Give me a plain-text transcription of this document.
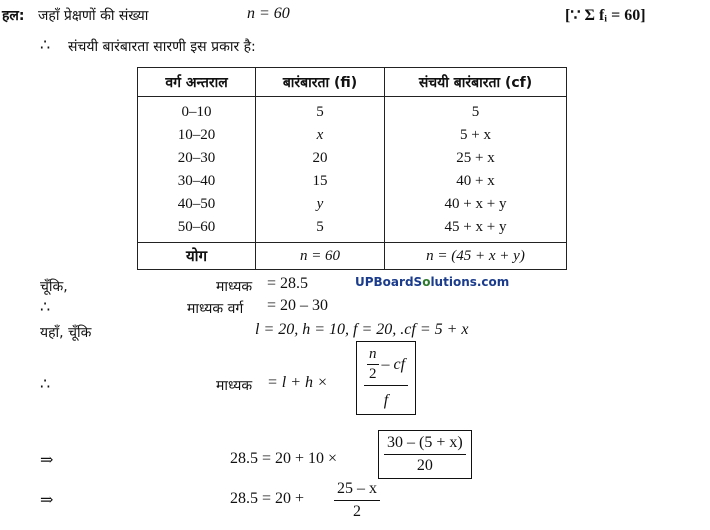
हल: जहाँ प्रेक्षणों की संख्या	n = 60	[∵ Σ fᵢ = 60]
∴ संचयी बारंबारता सारणी इस प्रकार है:
वर्ग अन्तराल	बारंबारता (fi)	संचयी बारंबारता (cf)
0–10	5	5
10–20	x	5 + x
20–30	20	25 + x
30–40	15	40 + x
40–50	y	40 + x + y
50–60	5	45 + x + y
योग	n = 60	n = (45 + x + y)
UPBoardSolutions.com
चूँकि,	माध्यक = 28.5
∴	माध्यक वर्ग = 20 – 30
यहाँ, चूँकि	l = 20, h = 10, f = 20, .cf = 5 + x
∴	माध्यक = $l + h \times \frac{\frac{n}{2} - cf}{f}$
⇒	28.5 = 20 + 10 ×	$\frac{30 - (5 + x)}{20}$
⇒	$28.5 = 20 + \frac{25 - x}{2}$
